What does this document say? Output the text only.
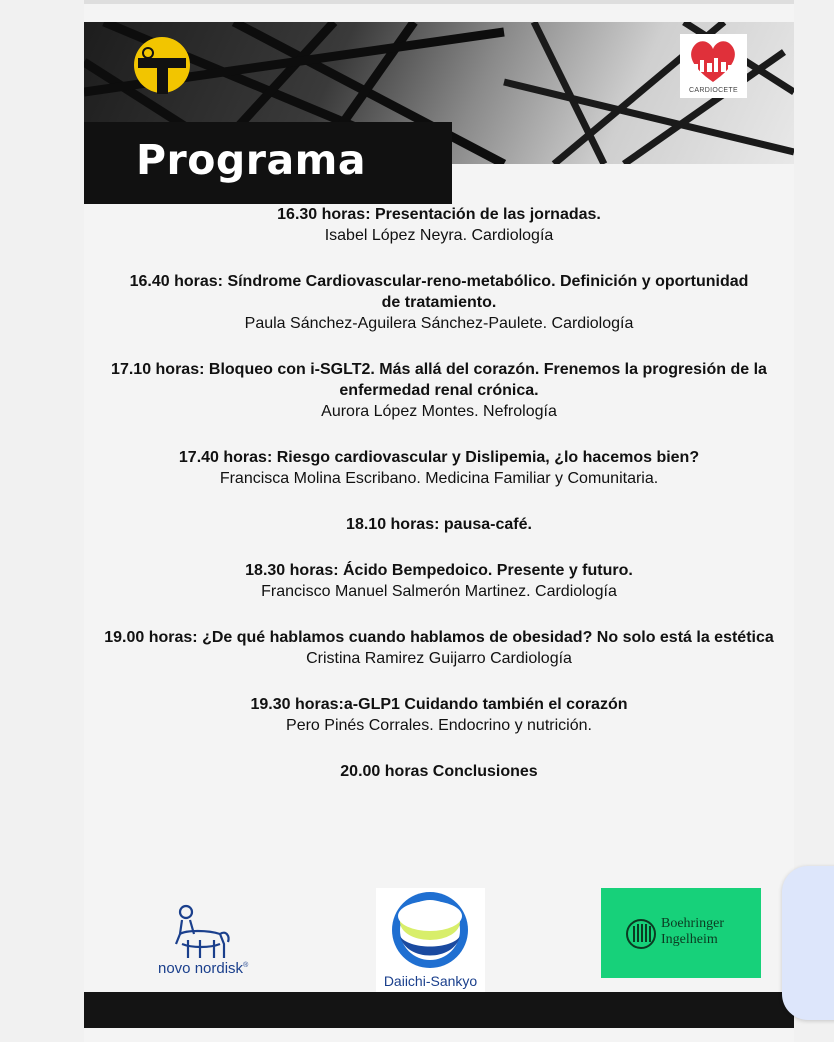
CARDIOCETE
Programa
16.30 horas: Presentación de las jornadas.
Isabel López Neyra. Cardiología
16.40 horas: Síndrome Cardiovascular-reno-metabólico. Definición y oportunidad de tratamiento.
Paula Sánchez-Aguilera Sánchez-Paulete. Cardiología
17.10 horas: Bloqueo con i-SGLT2. Más allá del corazón. Frenemos la progresión de la enfermedad renal crónica.
Aurora López Montes. Nefrología
17.40 horas: Riesgo cardiovascular y Dislipemia, ¿lo hacemos bien?
Francisca Molina Escribano. Medicina Familiar y Comunitaria.
18.10 horas: pausa-café.
18.30 horas: Ácido Bempedoico. Presente y futuro.
Francisco Manuel Salmerón Martinez. Cardiología
19.00 horas: ¿De qué hablamos cuando hablamos de obesidad? No solo está la estética
Cristina Ramirez Guijarro Cardiología
19.30 horas:a-GLP1 Cuidando también el corazón
Pero Pinés Corrales. Endocrino y nutrición.
20.00 horas Conclusiones
novo nordisk®
Daiichi-Sankyo
Boehringer
Ingelheim
